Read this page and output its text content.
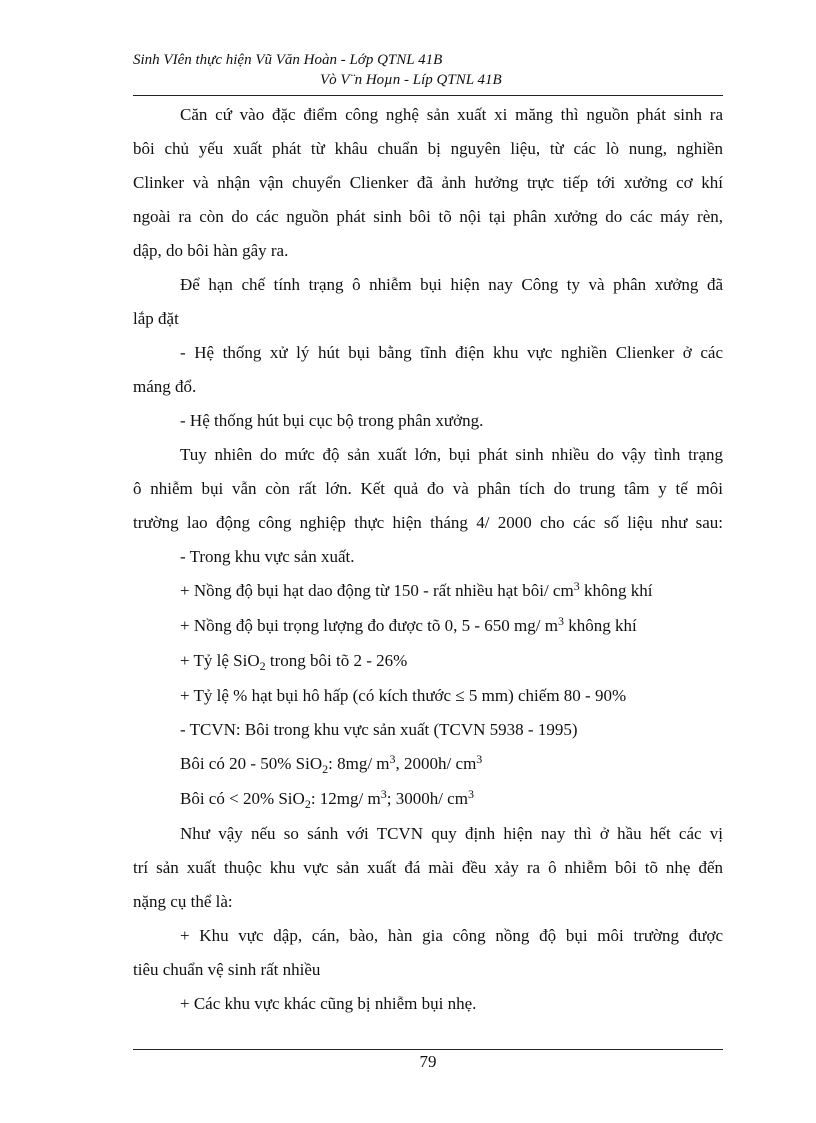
Sinh VIên thực hiện Vũ Văn Hoàn - Lớp QTNL 41B
Vò V¨n Hoµn - Líp QTNL 41B

Căn cứ vào đặc điểm công nghệ sản xuất xi măng thì nguồn phát sinh ra

bôi chủ yếu xuất phát từ khâu chuẩn bị nguyên liệu, từ các lò nung, nghiền

Clinker và nhận vận chuyển Clienker đã ảnh hưởng trực tiếp tới xưởng cơ khí

ngoài ra còn do các nguồn phát sinh bôi tõ nội tại phân xưởng do các máy rèn,

dập, do bôi hàn gây ra.

Để hạn chế tính trạng ô nhiễm bụi hiện nay Công ty và phân xưởng đã

lắp đặt

- Hệ thống xử lý hút bụi bằng tĩnh điện khu vực nghiền Clienker ở các

máng đổ.

- Hệ thống hút bụi cục bộ trong phân xưởng.

Tuy nhiên do mức độ sản xuất lớn, bụi phát sinh nhiều do vậy tình trạng

ô nhiễm bụi vẫn còn rất lớn. Kết quả đo và phân tích do trung tâm y tế môi

trường lao động công nghiệp thực hiện tháng 4/ 2000 cho các số liệu như sau:

- Trong khu vực sản xuất.

+ Nồng độ bụi hạt dao động từ 150 - rất nhiều hạt bôi/ $cm^3$ không khí

+ Nồng độ bụi trọng lượng đo được tõ 0, 5 - 650 mg/ $m^3$ không khí

+ Tỷ lệ SiO$_2$ trong bôi tõ 2 - 26%

+ Tỷ lệ % hạt bụi hô hấp (có kích thước ≤ 5 mm) chiếm 80 - 90%

- TCVN: Bôi trong khu vực sản xuất (TCVN 5938 - 1995)

Bôi có 20 - 50% SiO$_2$: 8mg/ $m^3$, 2000h/ $cm^3$

Bôi có < 20% SiO$_2$: 12mg/ $m^3$; 3000h/ $cm^3$

Như vậy nếu so sánh với TCVN quy định hiện nay thì ở hầu hết các vị

trí sản xuất thuộc khu vực sản xuất đá mài đều xảy ra ô nhiễm bôi tõ nhẹ đến

nặng cụ thể là:

+ Khu vực dập, cán, bào, hàn gia công nồng độ bụi môi trường được

tiêu chuẩn vệ sinh rất nhiều

+ Các khu vực khác cũng bị nhiễm bụi nhẹ.

79
